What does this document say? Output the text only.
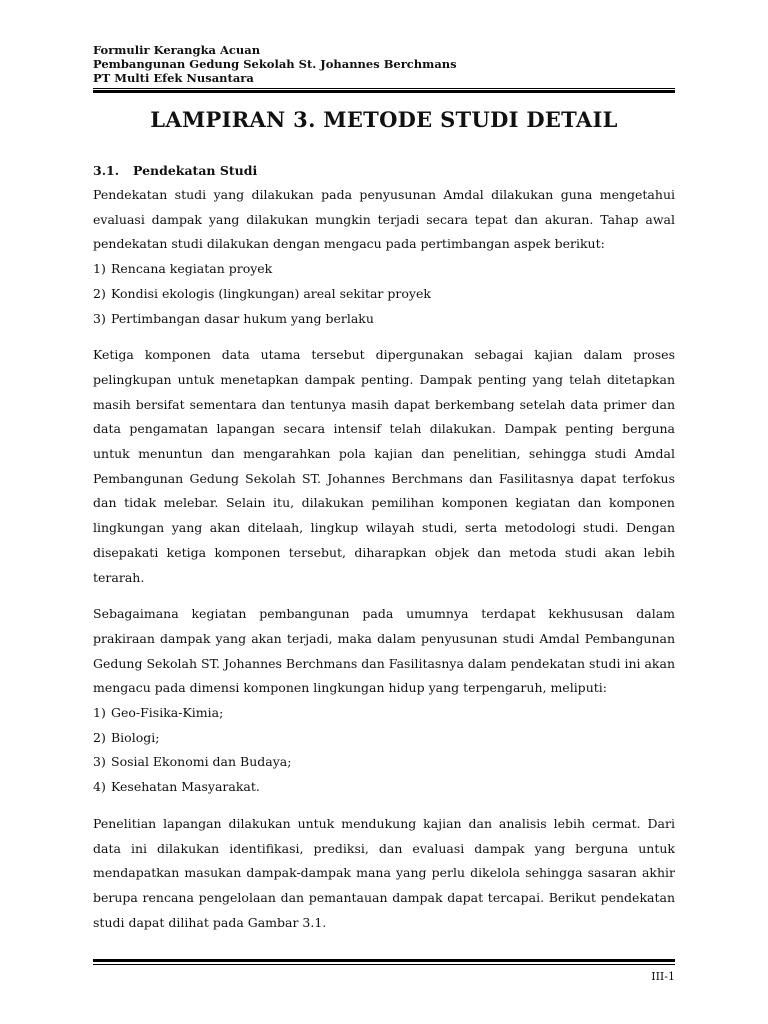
Formulir Kerangka Acuan
Pembangunan Gedung Sekolah St. Johannes Berchmans
PT Multi Efek Nusantara
LAMPIRAN 3. METODE STUDI DETAIL
3.1. Pendekatan Studi

Pendekatan studi yang dilakukan pada penyusunan Amdal dilakukan guna mengetahui evaluasi dampak yang dilakukan mungkin terjadi secara tepat dan akuran. Tahap awal pendekatan studi dilakukan dengan mengacu pada pertimbangan aspek berikut:

1) Rencana kegiatan proyek
2) Kondisi ekologis (lingkungan) areal sekitar proyek
3) Pertimbangan dasar hukum yang berlaku

Ketiga komponen data utama tersebut dipergunakan sebagai kajian dalam proses pelingkupan untuk menetapkan dampak penting. Dampak penting yang telah ditetapkan masih bersifat sementara dan tentunya masih dapat berkembang setelah data primer dan data pengamatan lapangan secara intensif telah dilakukan. Dampak penting berguna untuk menuntun dan mengarahkan pola kajian dan penelitian, sehingga studi Amdal Pembangunan Gedung Sekolah ST. Johannes Berchmans dan Fasilitasnya dapat terfokus dan tidak melebar. Selain itu, dilakukan pemilihan komponen kegiatan dan komponen lingkungan yang akan ditelaah, lingkup wilayah studi, serta metodologi studi. Dengan disepakati ketiga komponen tersebut, diharapkan objek dan metoda studi akan lebih terarah.

Sebagaimana kegiatan pembangunan pada umumnya terdapat kekhususan dalam prakiraan dampak yang akan terjadi, maka dalam penyusunan studi Amdal Pembangunan Gedung Sekolah ST. Johannes Berchmans dan Fasilitasnya dalam pendekatan studi ini akan mengacu pada dimensi komponen lingkungan hidup yang terpengaruh, meliputi:

1) Geo-Fisika-Kimia;
2) Biologi;
3) Sosial Ekonomi dan Budaya;
4) Kesehatan Masyarakat.

Penelitian lapangan dilakukan untuk mendukung kajian dan analisis lebih cermat. Dari data ini dilakukan identifikasi, prediksi, dan evaluasi dampak yang berguna untuk mendapatkan masukan dampak-dampak mana yang perlu dikelola sehingga sasaran akhir berupa rencana pengelolaan dan pemantauan dampak dapat tercapai. Berikut pendekatan studi dapat dilihat pada Gambar 3.1.

III-1
